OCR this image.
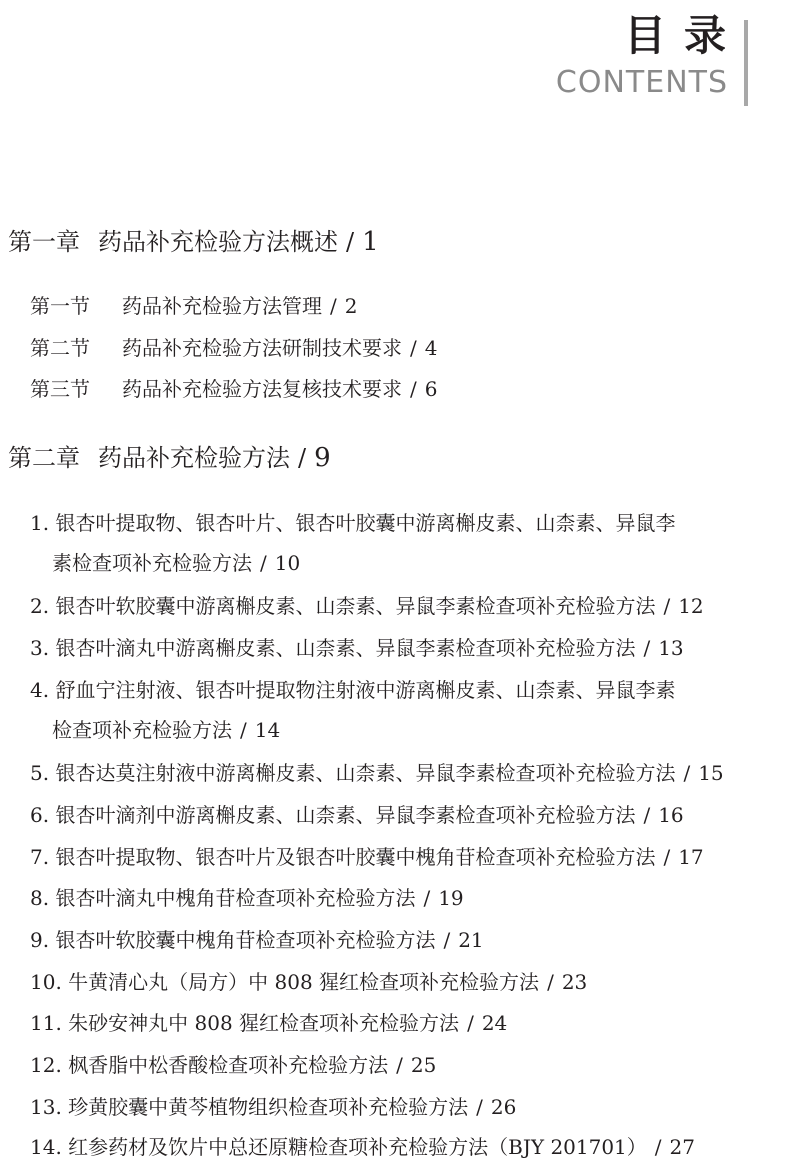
目录
CONTENTS
第一章 药品补充检验方法概述 / 1
第一节 药品补充检验方法管理 / 2
第二节 药品补充检验方法研制技术要求 / 4
第三节 药品补充检验方法复核技术要求 / 6
第二章 药品补充检验方法 / 9
1. 银杏叶提取物、银杏叶片、银杏叶胶囊中游离槲皮素、山柰素、异鼠李
素检查项补充检验方法 / 10
2. 银杏叶软胶囊中游离槲皮素、山柰素、异鼠李素检查项补充检验方法 / 12
3. 银杏叶滴丸中游离槲皮素、山柰素、异鼠李素检查项补充检验方法 / 13
4. 舒血宁注射液、银杏叶提取物注射液中游离槲皮素、山柰素、异鼠李素
检查项补充检验方法 / 14
5. 银杏达莫注射液中游离槲皮素、山柰素、异鼠李素检查项补充检验方法 / 15
6. 银杏叶滴剂中游离槲皮素、山柰素、异鼠李素检查项补充检验方法 / 16
7. 银杏叶提取物、银杏叶片及银杏叶胶囊中槐角苷检查项补充检验方法 / 17
8. 银杏叶滴丸中槐角苷检查项补充检验方法 / 19
9. 银杏叶软胶囊中槐角苷检查项补充检验方法 / 21
10. 牛黄清心丸（局方）中 808 猩红检查项补充检验方法 / 23
11. 朱砂安神丸中 808 猩红检查项补充检验方法 / 24
12. 枫香脂中松香酸检查项补充检验方法 / 25
13. 珍黄胶囊中黄芩植物组织检查项补充检验方法 / 26
14. 红参药材及饮片中总还原糖检查项补充检验方法（BJY 201701） / 27
